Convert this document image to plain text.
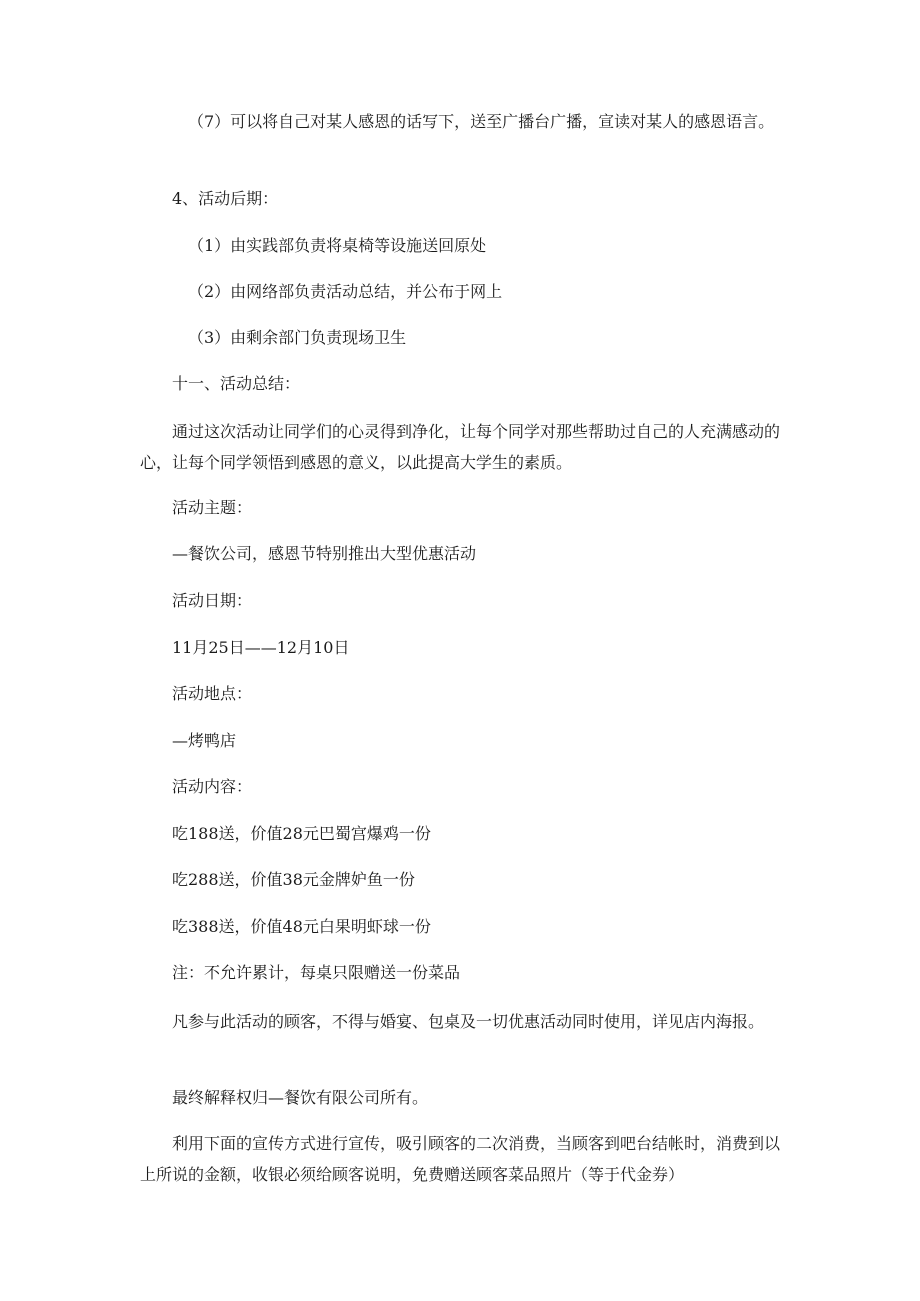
（7）可以将自己对某人感恩的话写下，送至广播台广播，宣读对某人的感恩语言。

4、活动后期：

（1）由实践部负责将桌椅等设施送回原处

（2）由网络部负责活动总结，并公布于网上

（3）由剩余部门负责现场卫生

十一、活动总结：

通过这次活动让同学们的心灵得到净化，让每个同学对那些帮助过自己的人充满感动的心，让每个同学领悟到感恩的意义，以此提高大学生的素质。

活动主题：

—餐饮公司，感恩节特别推出大型优惠活动

活动日期：

11月25日——12月10日

活动地点：

—烤鸭店

活动内容：

吃188送，价值28元巴蜀宫爆鸡一份

吃288送，价值38元金牌妒鱼一份

吃388送，价值48元白果明虾球一份

注：不允许累计，每桌只限赠送一份菜品

凡参与此活动的顾客，不得与婚宴、包桌及一切优惠活动同时使用，详见店内海报。

最终解释权归—餐饮有限公司所有。

利用下面的宣传方式进行宣传，吸引顾客的二次消费，当顾客到吧台结帐时，消费到以上所说的金额，收银必须给顾客说明，免费赠送顾客菜品照片（等于代金券）
